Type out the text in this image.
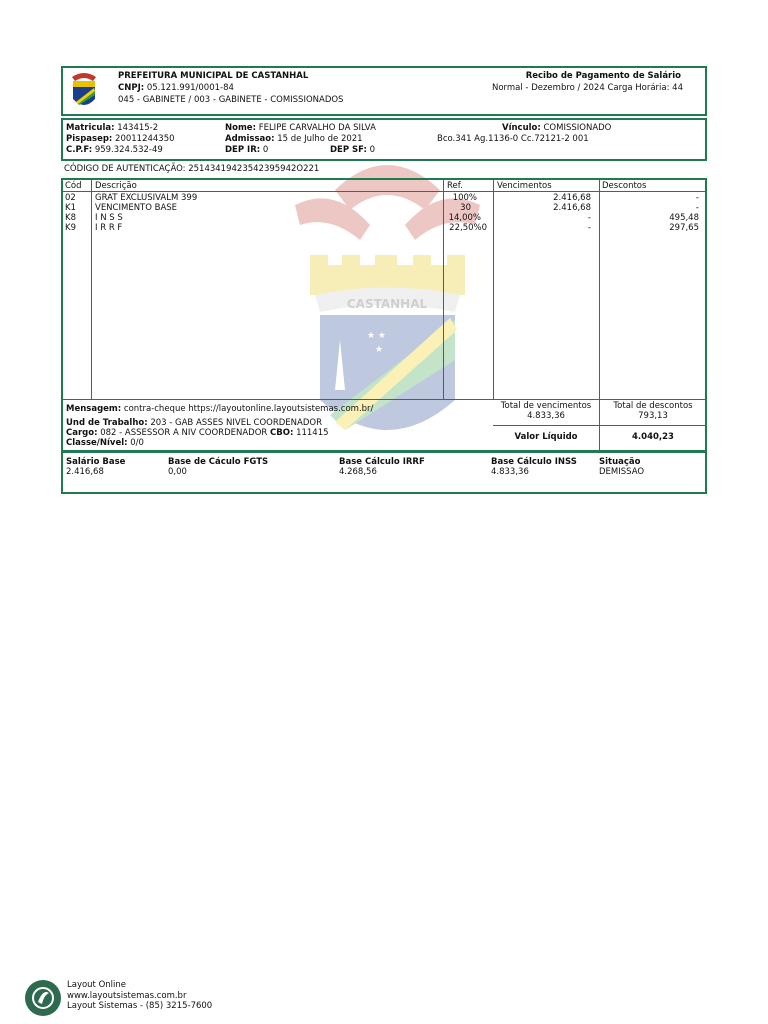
CASTANHAL
★ ★
★
PREFEITURA MUNICIPAL DE CASTANHAL
CNPJ: 05.121.991/0001-84
045 - GABINETE / 003 - GABINETE - COMISSIONADOS
Recibo de Pagamento de Salário
Normal - Dezembro / 2024 Carga Horária: 44
Matricula: 143415-2	Nome: FELIPE CARVALHO DA SILVA	Vínculo: COMISSIONADO
Pispasep: 20011244350	Admissao: 15 de Julho de 2021	Bco.341 Ag.1136-0 Cc.72121-2 001
C.P.F: 959.324.532-49	DEP IR: 0	DEP SF: 0
CÓDIGO DE AUTENTICAÇÃO: 25143419423542395942O221
Cód Descrição	Ref.	Vencimentos	Descontos
02 GRAT EXCLUSIVALM 399	100%	2.416,68	-
K1 VENCIMENTO BASE	30	2.416,68	-
K8 I N S S	14,00%	-	495,48
K9 I R R F	22,50%0	-	297,65
Mensagem: contra-cheque https://layoutonline.layoutsistemas.com.br/
Und de Trabalho: 203 - GAB ASSES NIVEL COORDENADOR
Cargo: 082 - ASSESSOR A NIV COORDENADOR CBO: 111415
Classe/Nível: 0/0
Total de vencimentos
4.833,36
Total de descontos
793,13
Valor Líquido	4.040,23
Salário Base
2.416,68
Base de Cáculo FGTS
0,00
Base Cálculo IRRF
4.268,56
Base Cálculo INSS
4.833,36
Situação
DEMISSAO
Layout Online
www.layoutsistemas.com.br
Layout Sistemas - (85) 3215-7600
